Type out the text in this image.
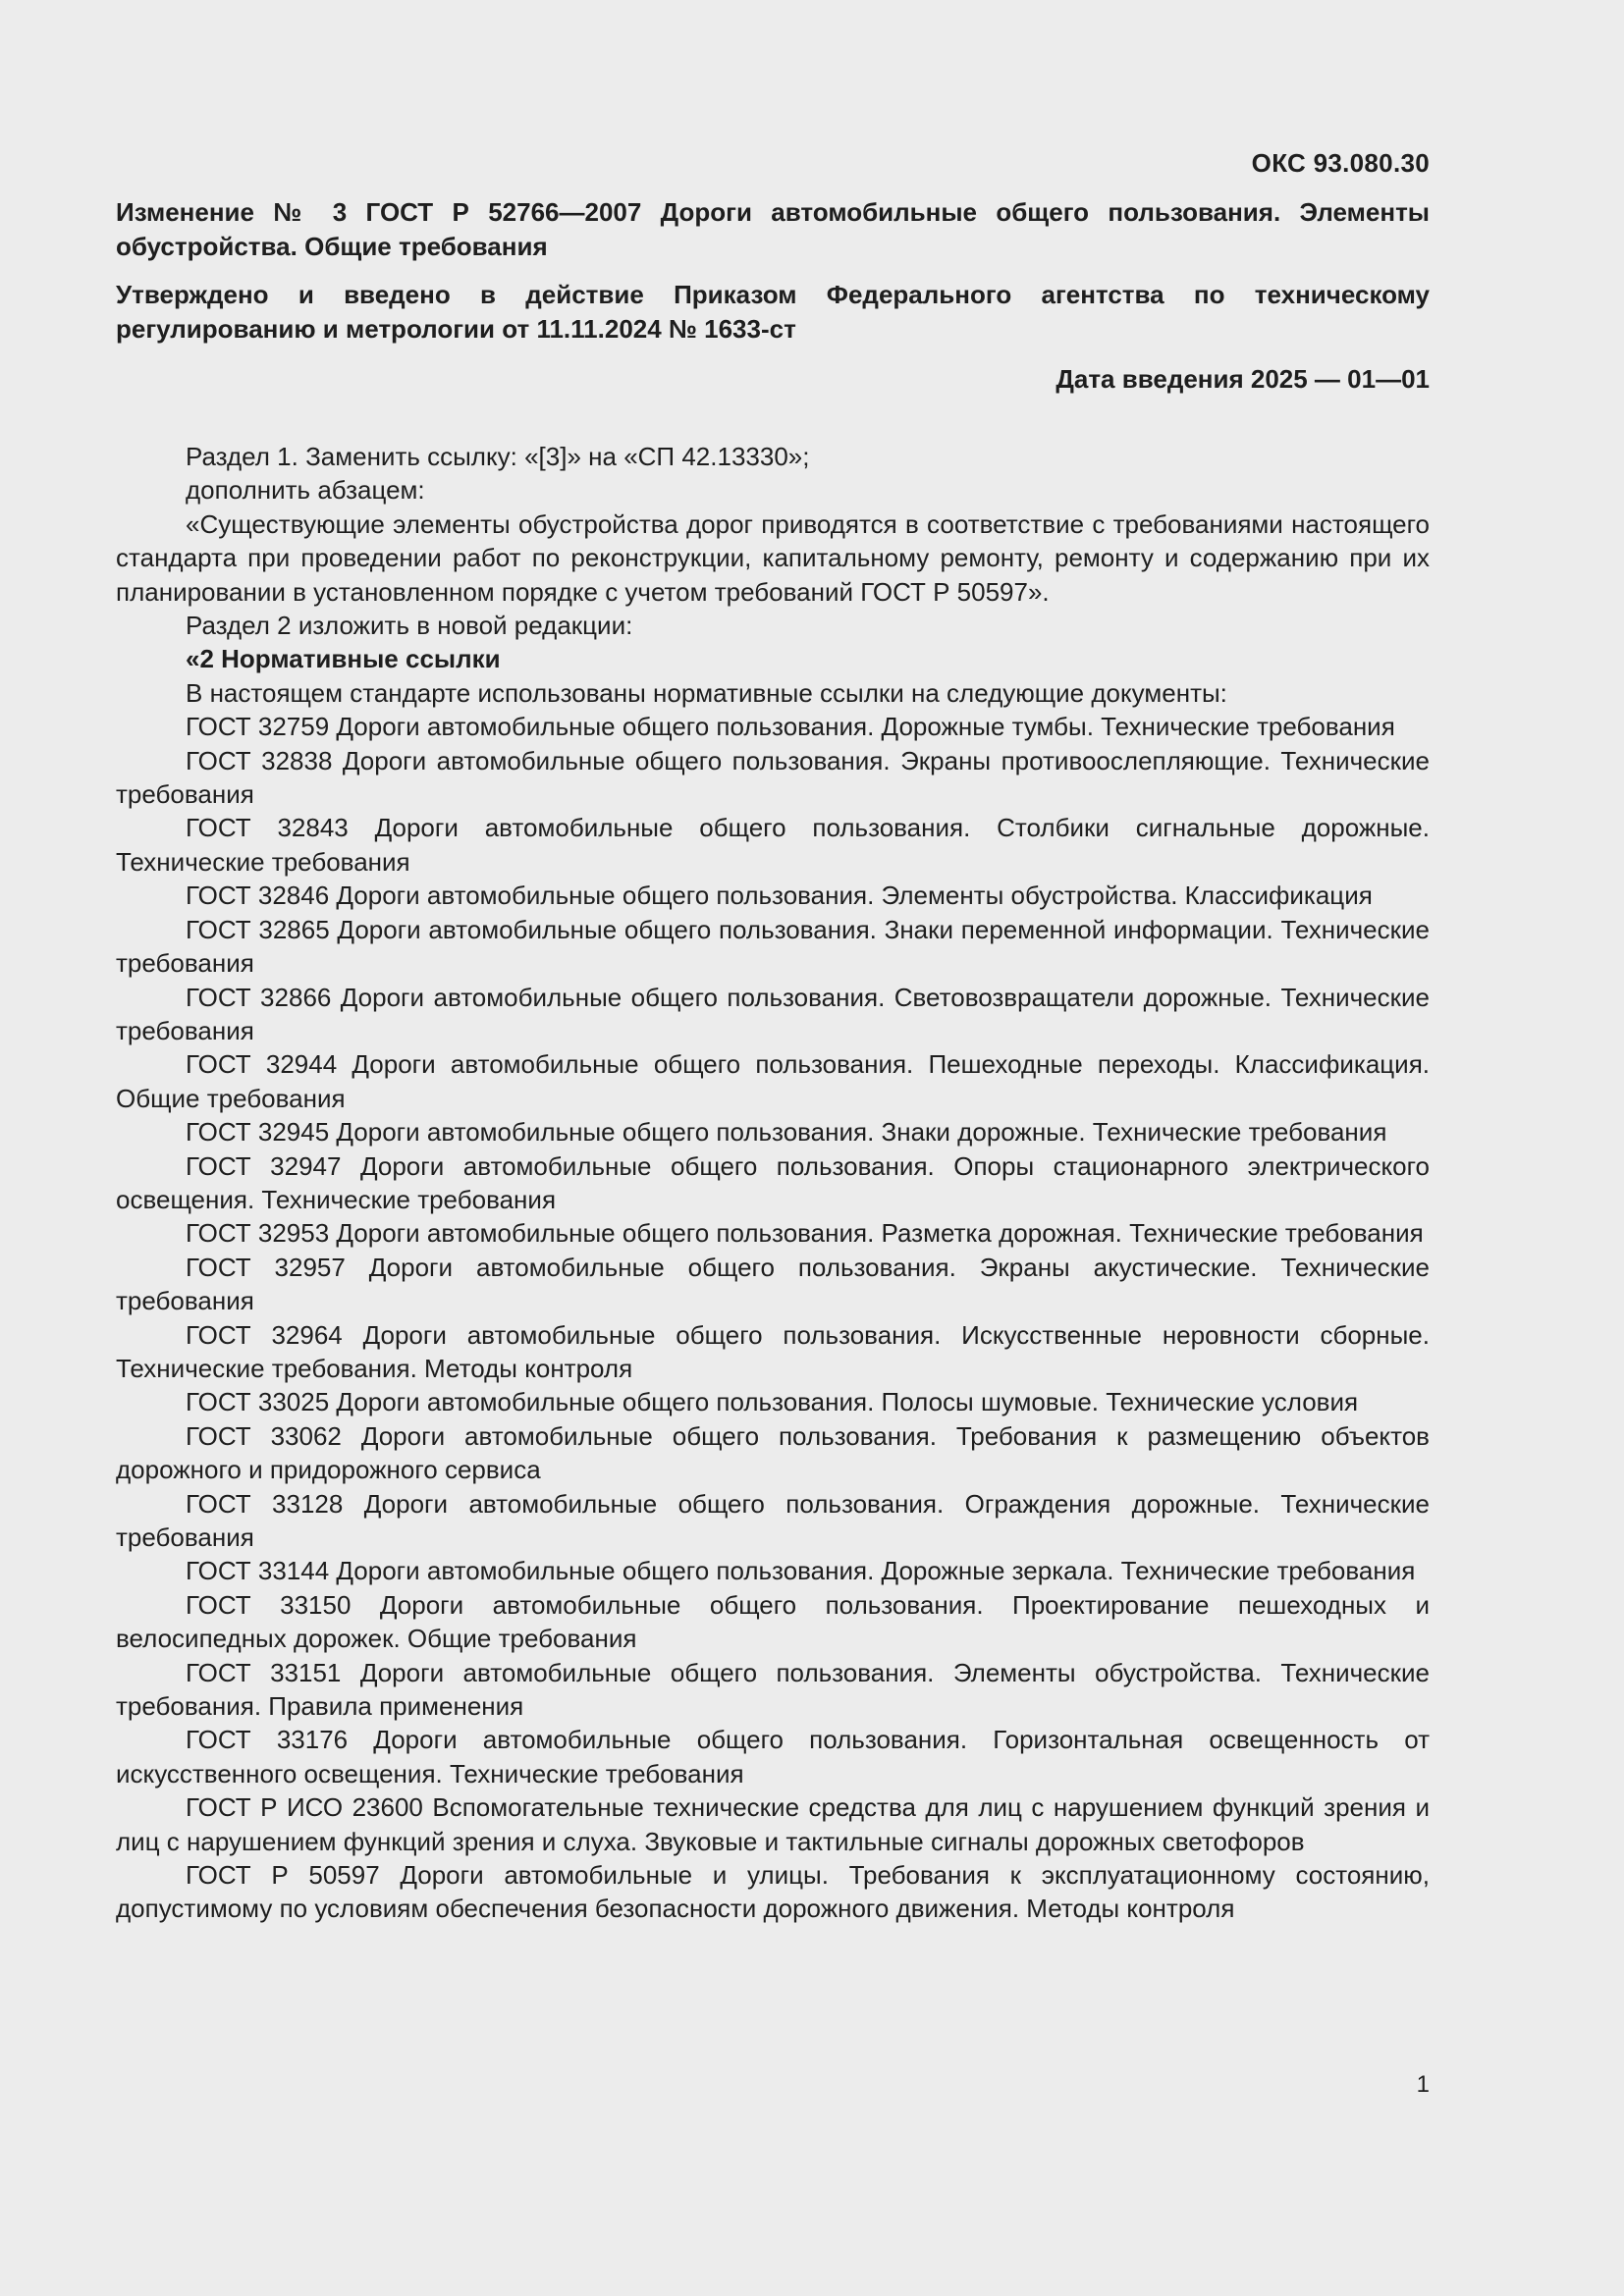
ОКС 93.080.30
Изменение № 3 ГОСТ Р 52766—2007 Дороги автомобильные общего пользования. Элементы обустройства. Общие требования
Утверждено и введено в действие Приказом Федерального агентства по техническому регулированию и метрологии от 11.11.2024 № 1633-ст
Дата введения 2025 — 01—01

Раздел 1. Заменить ссылку: «[3]» на «СП 42.13330»;

дополнить абзацем:

«Существующие элементы обустройства дорог приводятся в соответствие с требованиями настоящего стандарта при проведении работ по реконструкции, капитальному ремонту, ремонту и содержанию при их планировании в установленном порядке с учетом требований ГОСТ Р 50597».

Раздел 2 изложить в новой редакции:

«2 Нормативные ссылки

В настоящем стандарте использованы нормативные ссылки на следующие документы:

ГОСТ 32759 Дороги автомобильные общего пользования. Дорожные тумбы. Технические требования

ГОСТ 32838 Дороги автомобильные общего пользования. Экраны противоослепляющие. Технические требования

ГОСТ 32843 Дороги автомобильные общего пользования. Столбики сигнальные дорожные. Технические требования

ГОСТ 32846 Дороги автомобильные общего пользования. Элементы обустройства. Классификация

ГОСТ 32865 Дороги автомобильные общего пользования. Знаки переменной информации. Технические требования

ГОСТ 32866 Дороги автомобильные общего пользования. Световозвращатели дорожные. Технические требования

ГОСТ 32944 Дороги автомобильные общего пользования. Пешеходные переходы. Классификация. Общие требования

ГОСТ 32945 Дороги автомобильные общего пользования. Знаки дорожные. Технические требования

ГОСТ 32947 Дороги автомобильные общего пользования. Опоры стационарного электрического освещения. Технические требования

ГОСТ 32953 Дороги автомобильные общего пользования. Разметка дорожная. Технические требования

ГОСТ 32957 Дороги автомобильные общего пользования. Экраны акустические. Технические требования

ГОСТ 32964 Дороги автомобильные общего пользования. Искусственные неровности сборные. Технические требования. Методы контроля

ГОСТ 33025 Дороги автомобильные общего пользования. Полосы шумовые. Технические условия

ГОСТ 33062 Дороги автомобильные общего пользования. Требования к размещению объектов дорожного и придорожного сервиса

ГОСТ 33128 Дороги автомобильные общего пользования. Ограждения дорожные. Технические требования

ГОСТ 33144 Дороги автомобильные общего пользования. Дорожные зеркала. Технические требования

ГОСТ 33150 Дороги автомобильные общего пользования. Проектирование пешеходных и велосипедных дорожек. Общие требования

ГОСТ 33151 Дороги автомобильные общего пользования. Элементы обустройства. Технические требования. Правила применения

ГОСТ 33176 Дороги автомобильные общего пользования. Горизонтальная освещенность от искусственного освещения. Технические требования

ГОСТ Р ИСО 23600 Вспомогательные технические средства для лиц с нарушением функций зрения и лиц с нарушением функций зрения и слуха. Звуковые и тактильные сигналы дорожных светофоров

ГОСТ Р 50597 Дороги автомобильные и улицы. Требования к эксплуатационному состоянию, допустимому по условиям обеспечения безопасности дорожного движения. Методы контроля

1
